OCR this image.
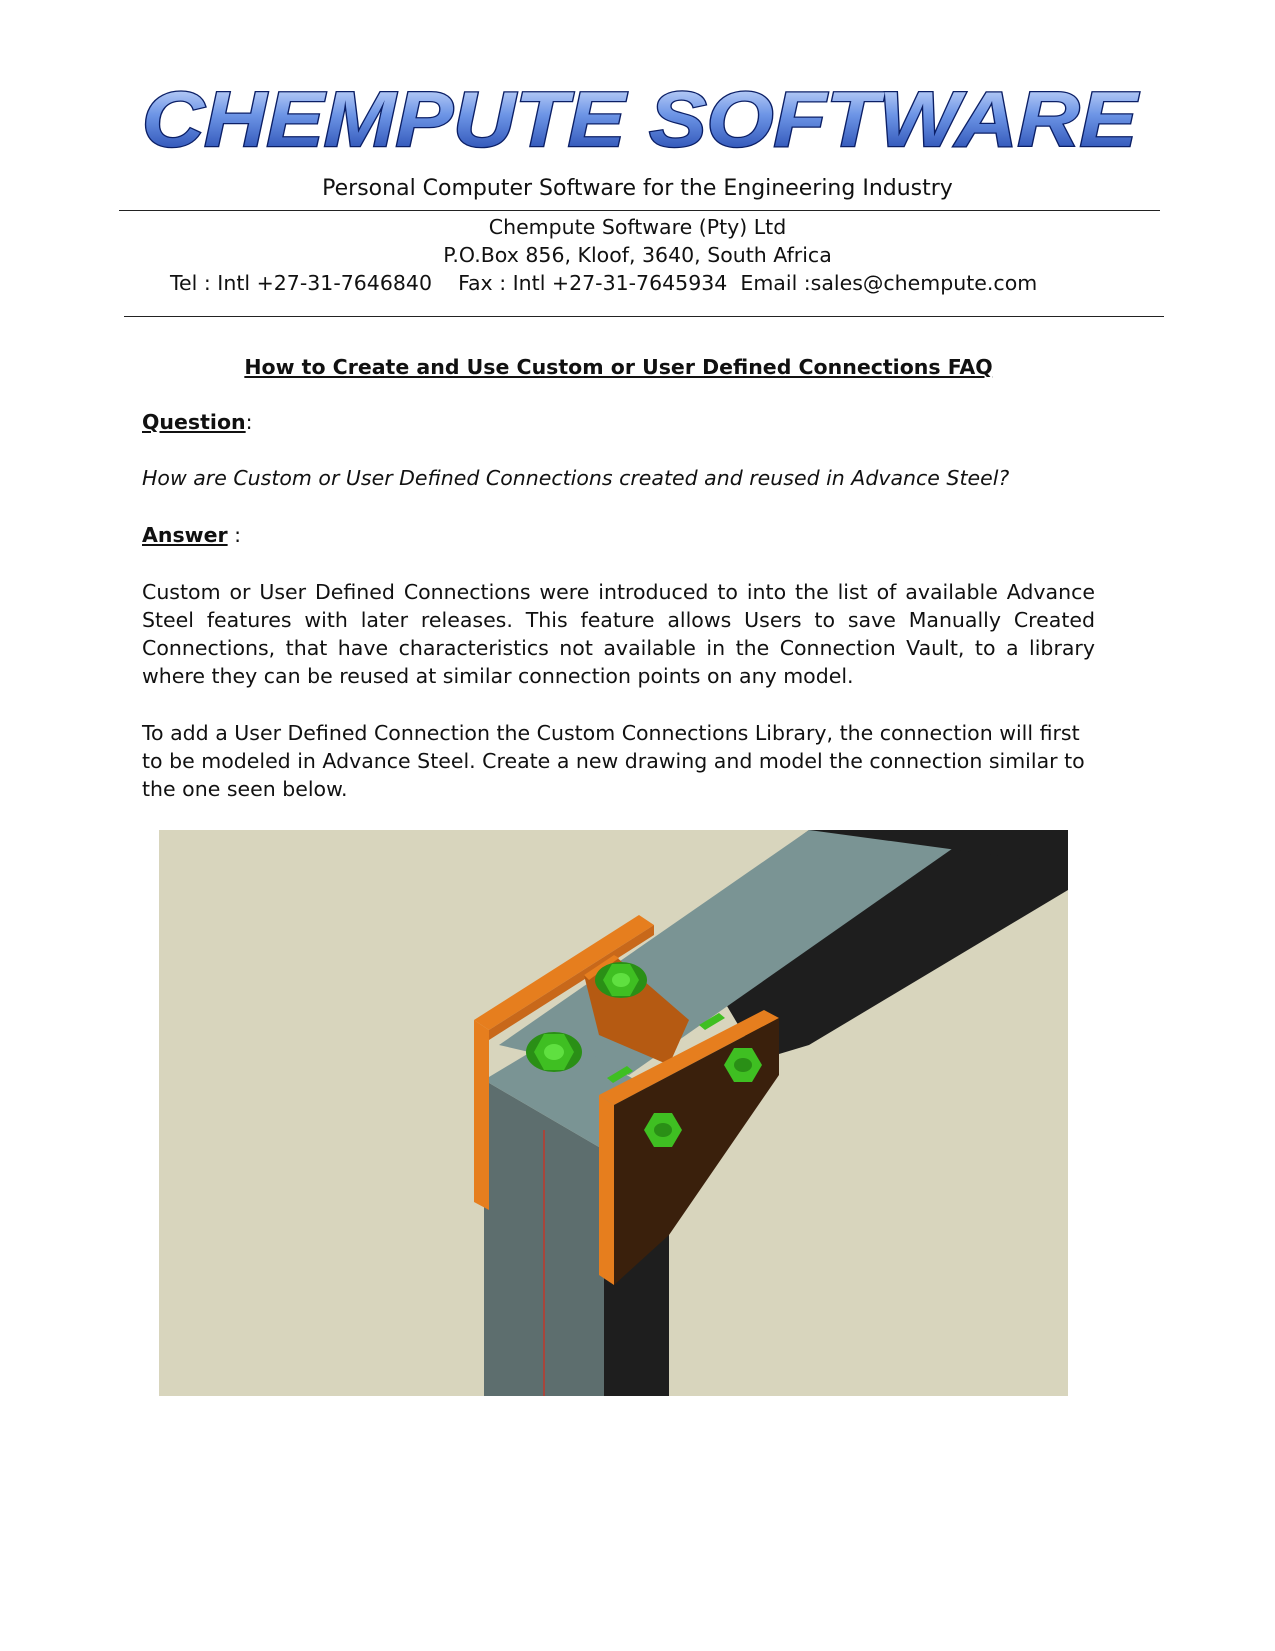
CHEMPUTE SOFTWARE
Personal Computer Software for the Engineering Industry
Chempute Software (Pty) Ltd
P.O.Box 856, Kloof, 3640, South Africa
Tel : Intl +27-31-7646840    Fax : Intl +27-31-7645934  Email :sales@chempute.com
How to Create and Use Custom or User Defined Connections FAQ
Question:
How are Custom or User Defined Connections created and reused in Advance Steel?
Answer :
Custom or User Defined Connections were introduced to into the list of available Advance Steel features with later releases. This feature allows Users to save Manually Created Connections, that have characteristics not available in the Connection Vault, to a library where they can be reused at similar connection points on any model.
To add a User Defined Connection the Custom Connections Library, the connection will first to be modeled in Advance Steel. Create a new drawing and model the connection similar to the one seen below.
